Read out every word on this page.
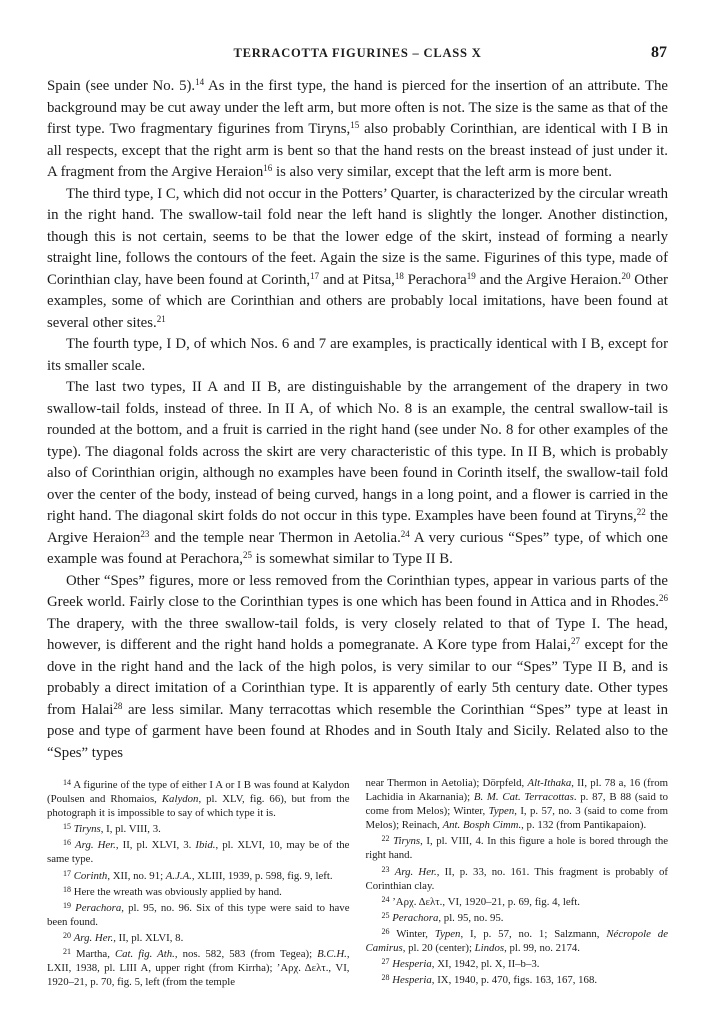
TERRACOTTA FIGURINES – CLASS X	87

Spain (see under No. 5).$^{14}$ As in the first type, the hand is pierced for the insertion of an attribute. The background may be cut away under the left arm, but more often is not. The size is the same as that of the first type. Two fragmentary figurines from Tiryns,$^{15}$ also probably Corinthian, are identical with I B in all respects, except that the right arm is bent so that the hand rests on the breast instead of just under it. A fragment from the Argive Heraion$^{16}$ is also very similar, except that the left arm is more bent.

The third type, I C, which did not occur in the Potters’ Quarter, is characterized by the circular wreath in the right hand. The swallow-tail fold near the left hand is slightly the longer. Another distinction, though this is not certain, seems to be that the lower edge of the skirt, instead of forming a nearly straight line, follows the contours of the feet. Again the size is the same. Figurines of this type, made of Corinthian clay, have been found at Corinth,$^{17}$ and at Pitsa,$^{18}$ Perachora$^{19}$ and the Argive Heraion.$^{20}$ Other examples, some of which are Corinthian and others are probably local imitations, have been found at several other sites.$^{21}$

The fourth type, I D, of which Nos. 6 and 7 are examples, is practically identical with I B, except for its smaller scale.

The last two types, II A and II B, are distinguishable by the arrangement of the drapery in two swallow-tail folds, instead of three. In II A, of which No. 8 is an example, the central swallow-tail is rounded at the bottom, and a fruit is carried in the right hand (see under No. 8 for other examples of the type). The diagonal folds across the skirt are very characteristic of this type. In II B, which is probably also of Corinthian origin, although no examples have been found in Corinth itself, the swallow-tail fold over the center of the body, instead of being curved, hangs in a long point, and a flower is carried in the right hand. The diagonal skirt folds do not occur in this type. Examples have been found at Tiryns,$^{22}$ the Argive Heraion$^{23}$ and the temple near Thermon in Aetolia.$^{24}$ A very curious “Spes” type, of which one example was found at Perachora,$^{25}$ is somewhat similar to Type II B.

Other “Spes” figures, more or less removed from the Corinthian types, appear in various parts of the Greek world. Fairly close to the Corinthian types is one which has been found in Attica and in Rhodes.$^{26}$ The drapery, with the three swallow-tail folds, is very closely related to that of Type I. The head, however, is different and the right hand holds a pomegranate. A Kore type from Halai,$^{27}$ except for the dove in the right hand and the lack of the high polos, is very similar to our “Spes” Type II B, and is probably a direct imitation of a Corinthian type. It is apparently of early 5th century date. Other types from Halai$^{28}$ are less similar. Many terracottas which resemble the Corinthian “Spes” type at least in pose and type of garment have been found at Rhodes and in South Italy and Sicily. Related also to the “Spes” types

$^{14}$ A figurine of the type of either I A or I B was found at Kalydon (Poulsen and Rhomaios, Kalydon, pl. XLV, fig. 66), but from the photograph it is impossible to say of which type it is.

$^{15}$ Tiryns, I, pl. VIII, 3.

$^{16}$ Arg. Her., II, pl. XLVI, 3. Ibid., pl. XLVI, 10, may be of the same type.

$^{17}$ Corinth, XII, no. 91; A.J.A., XLIII, 1939, p. 598, fig. 9, left.

$^{18}$ Here the wreath was obviously applied by hand.

$^{19}$ Perachora, pl. 95, no. 96. Six of this type were said to have been found.

$^{20}$ Arg. Her., II, pl. XLVI, 8.

$^{21}$ Martha, Cat. fig. Ath., nos. 582, 583 (from Tegea); B.C.H., LXII, 1938, pl. LIII A, upper right (from Kirrha); ’Αρχ. Δελτ., VI, 1920–21, p. 70, fig. 5, left (from the temple

near Thermon in Aetolia); Dörpfeld, Alt-Ithaka, II, pl. 78 a, 16 (from Lachidia in Akarnania); B. M. Cat. Terracottas. p. 87, B 88 (said to come from Melos); Winter, Typen, I, p. 57, no. 3 (said to come from Melos); Reinach, Ant. Bosph Cimm., p. 132 (from Pantikapaion).

$^{22}$ Tiryns, I, pl. VIII, 4. In this figure a hole is bored through the right hand.

$^{23}$ Arg. Her., II, p. 33, no. 161. This fragment is probably of Corinthian clay.

$^{24}$ ’Αρχ. Δελτ., VI, 1920–21, p. 69, fig. 4, left.

$^{25}$ Perachora, pl. 95, no. 95.

$^{26}$ Winter, Typen, I, p. 57, no. 1; Salzmann, Nécropole de Camirus, pl. 20 (center); Lindos, pl. 99, no. 2174.

$^{27}$ Hesperia, XI, 1942, pl. X, II–b–3.

$^{28}$ Hesperia, IX, 1940, p. 470, figs. 163, 167, 168.
